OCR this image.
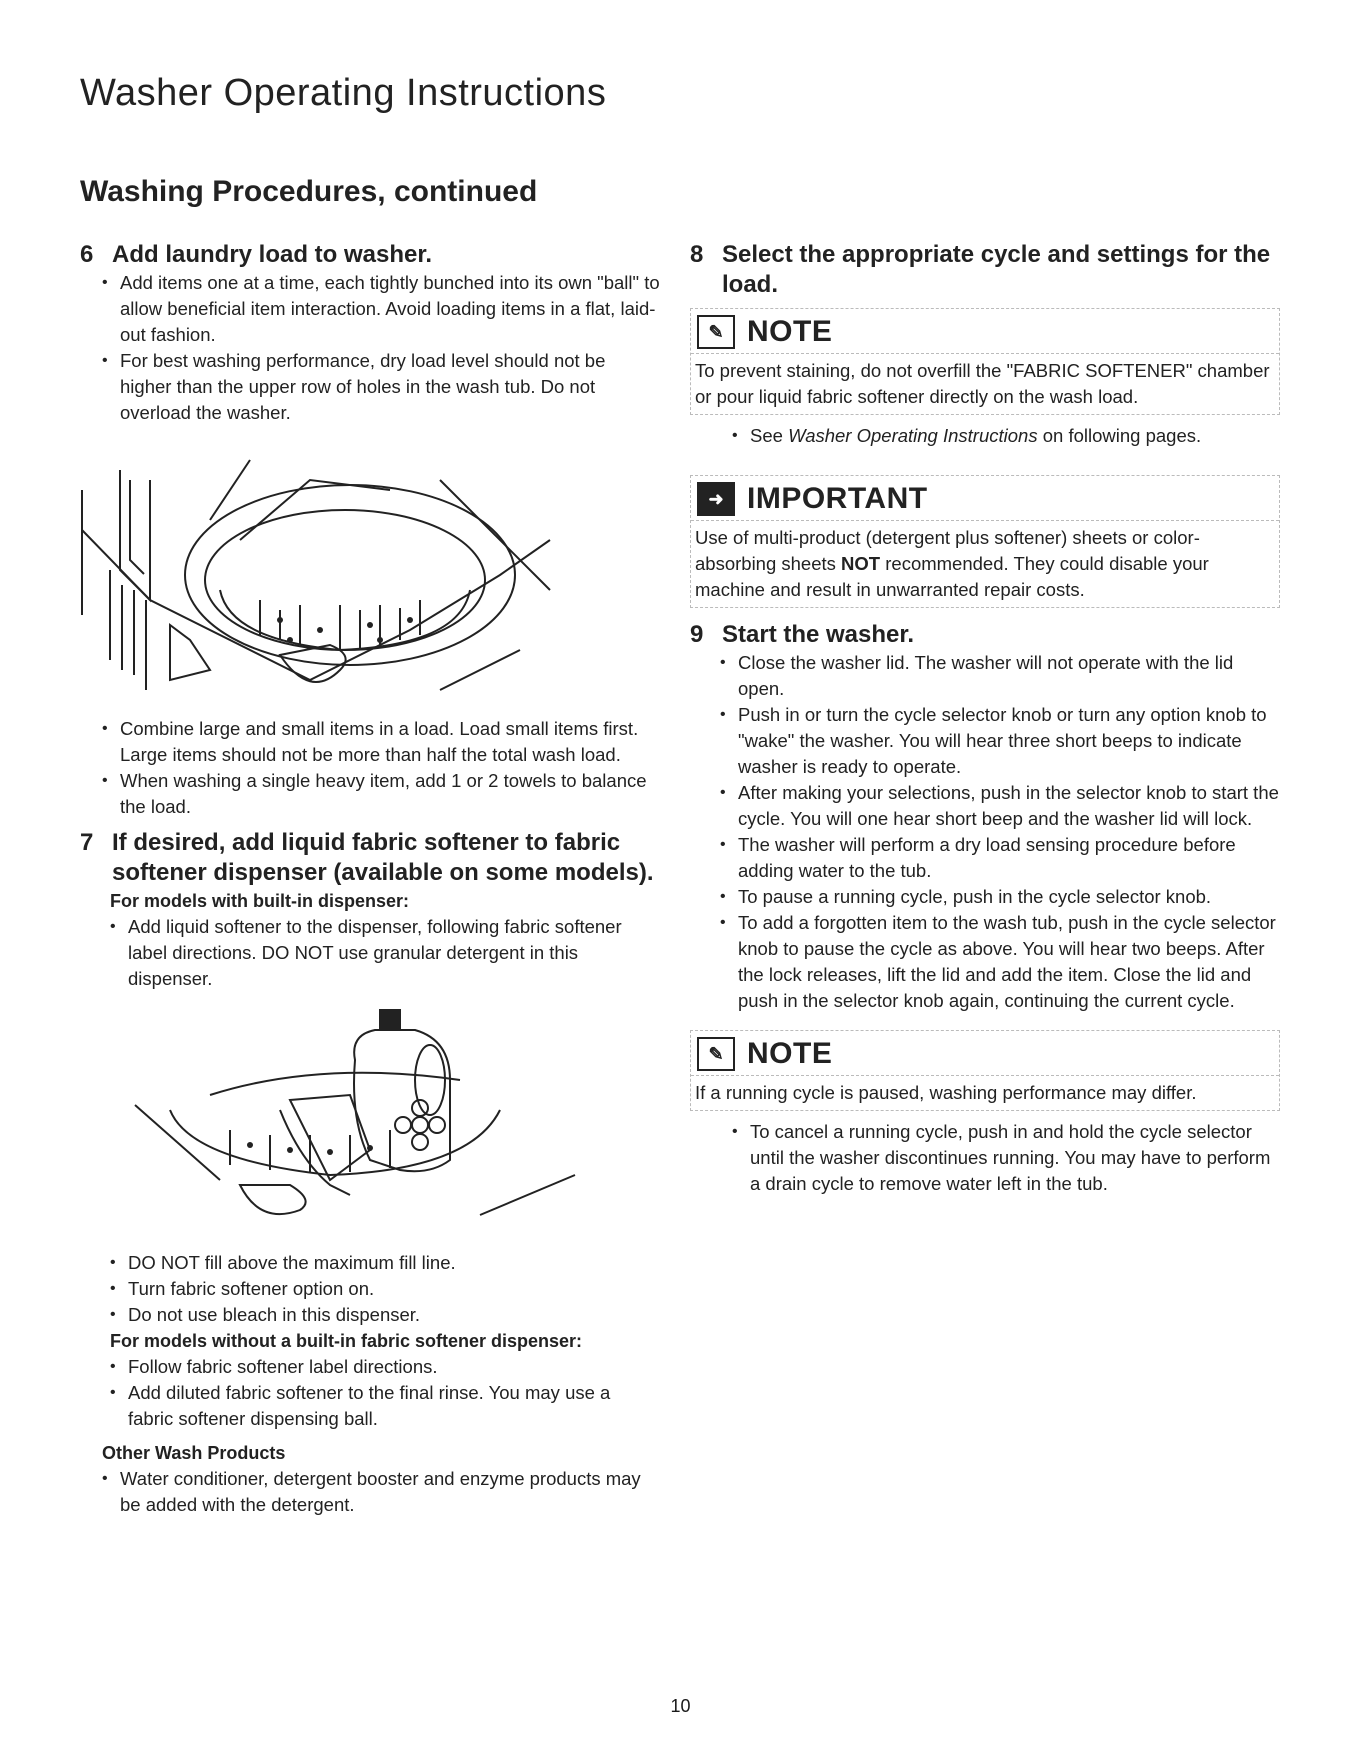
Washer Operating Instructions
Washing Procedures, continued
6 Add laundry load to washer.
• Add items one at a time, each tightly bunched into its own "ball" to allow beneficial item interaction. Avoid loading items in a flat, laid-out fashion.
• For best washing performance, dry load level should not be higher than the upper row of holes in the wash tub. Do not overload the washer.
• Combine large and small items in a load. Load small items first. Large items should not be more than half the total wash load.
• When washing a single heavy item, add 1 or 2 towels to balance the load.
7 If desired, add liquid fabric softener to fabric softener dispenser (available on some models).

For models with built-in dispenser:

• Add liquid softener to the dispenser, following fabric softener label directions. DO NOT use granular detergent in this dispenser.
• DO NOT fill above the maximum fill line.
• Turn fabric softener option on.
• Do not use bleach in this dispenser.

For models without a built-in fabric softener dispenser:

• Follow fabric softener label directions.
• Add diluted fabric softener to the final rinse. You may use a fabric softener dispensing ball.

Other Wash Products

• Water conditioner, detergent booster and enzyme products may be added with the detergent.
8 Select the appropriate cycle and settings for the load.
✎ NOTE
To prevent staining, do not overfill the "FABRIC SOFTENER" chamber or pour liquid fabric softener directly on the wash load.
• See Washer Operating Instructions on following pages.
➜ IMPORTANT
Use of multi-product (detergent plus softener) sheets or color-absorbing sheets NOT recommended. They could disable your machine and result in unwarranted repair costs.
9 Start the washer.
• Close the washer lid. The washer will not operate with the lid open.
• Push in or turn the cycle selector knob or turn any option knob to "wake" the washer. You will hear three short beeps to indicate washer is ready to operate.
• After making your selections, push in the selector knob to start the cycle. You will one hear short beep and the washer lid will lock.
• The washer will perform a dry load sensing procedure before adding water to the tub.
• To pause a running cycle, push in the cycle selector knob.
• To add a forgotten item to the wash tub, push in the cycle selector knob to pause the cycle as above. You will hear two beeps. After the lock releases, lift the lid and add the item. Close the lid and push in the selector knob again, continuing the current cycle.
✎ NOTE
If a running cycle is paused, washing performance may differ.
• To cancel a running cycle, push in and hold the cycle selector until the washer discontinues running. You may have to perform a drain cycle to remove water left in the tub.
10
